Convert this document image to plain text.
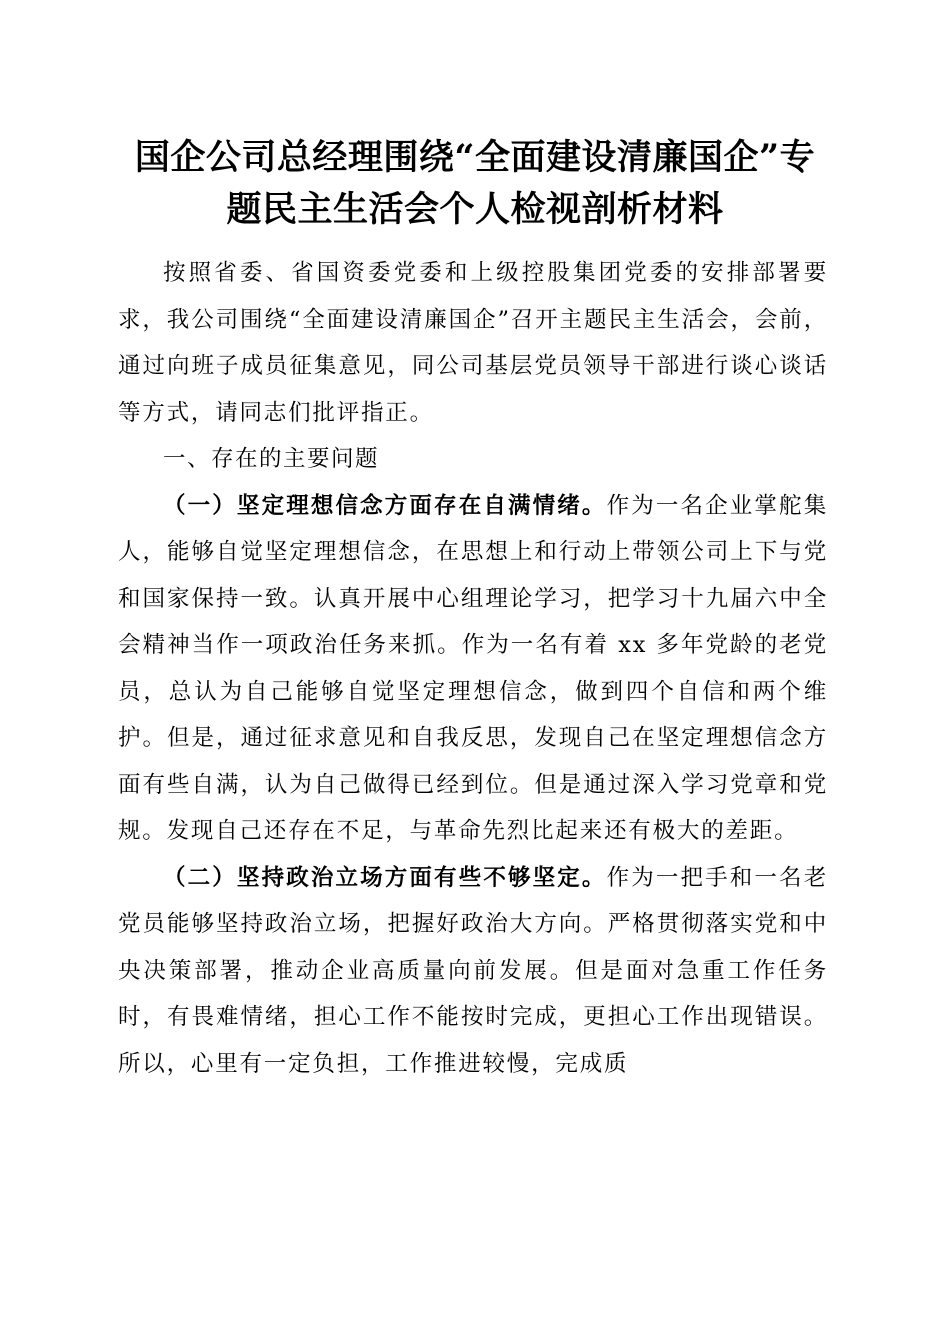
国企公司总经理围绕“全面建设清廉国企”专
题民主生活会个人检视剖析材料

按照省委、省国资委党委和上级控股集团党委的安排部署要求，我公司围绕“全面建设清廉国企”召开主题民主生活会，会前，通过向班子成员征集意见，同公司基层党员领导干部进行谈心谈话等方式，请同志们批评指正。

一、存在的主要问题

（一）坚定理想信念方面存在自满情绪。作为一名企业掌舵集人，能够自觉坚定理想信念，在思想上和行动上带领公司上下与党和国家保持一致。认真开展中心组理论学习，把学习十九届六中全会精神当作一项政治任务来抓。作为一名有着 xx 多年党龄的老党员，总认为自己能够自觉坚定理想信念，做到四个自信和两个维护。但是，通过征求意见和自我反思，发现自己在坚定理想信念方面有些自满，认为自己做得已经到位。但是通过深入学习党章和党规。发现自己还存在不足，与革命先烈比起来还有极大的差距。

（二）坚持政治立场方面有些不够坚定。作为一把手和一名老党员能够坚持政治立场，把握好政治大方向。严格贯彻落实党和中央决策部署，推动企业高质量向前发展。但是面对急重工作任务时，有畏难情绪，担心工作不能按时完成，更担心工作出现错误。所以，心里有一定负担，工作推进较慢，完成质
